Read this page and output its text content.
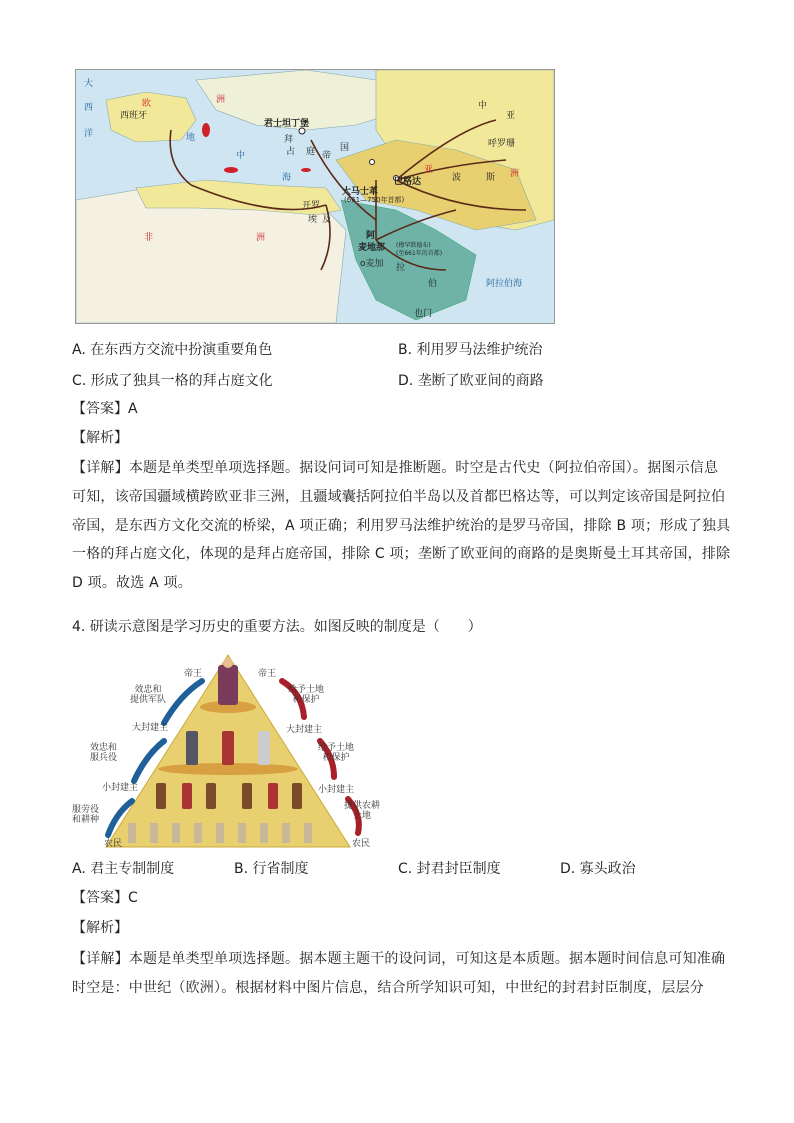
大
西
洋
欧
西班牙
洲
君士坦丁堡
拜
占 庭 帝
国
地
中
海
中
亚
呼罗珊
亚
巴格达
大马士革
(661—750年首都)
波	斯 洲
开罗
埃 及
非	洲	阿
麦地那 (穆罕默德布)
(至661年的首都)
o麦加 拉
伯
也门
阿拉伯海
A. 在东西方交流中扮演重要角色	B. 利用罗马法维护统治
C. 形成了独具一格的拜占庭文化	D. 垄断了欧亚间的商路
【答案】A
【解析】
【详解】本题是单类型单项选择题。据设问词可知是推断题。时空是古代史（阿拉伯帝国）。据图示信息
可知，该帝国疆域横跨欧亚非三洲，且疆域囊括阿拉伯半岛以及首都巴格达等，可以判定该帝国是阿拉伯
帝国，是东西方文化交流的桥梁，A 项正确；利用罗马法维护统治的是罗马帝国，排除 B 项；形成了独具
一格的拜占庭文化，体现的是拜占庭帝国，排除 C 项；垄断了欧亚间的商路的是奥斯曼土耳其帝国，排除
D 项。故选 A 项。
4. 研读示意图是学习历史的重要方法。如图反映的制度是（　　）
帝王	帝王
效忠和
提供军队
大封建主
效忠和
服兵役
小封建主
服劳役
和耕种
农民
给予土地
和保护
大封建主
给予土地
和保护
小封建主
提供农耕
土地
农民
A. 君主专制制度	B. 行省制度	C. 封君封臣制度	D. 寡头政治
【答案】C
【解析】
【详解】本题是单类型单项选择题。据本题主题干的设问词，可知这是本质题。据本题时间信息可知准确
时空是：中世纪（欧洲）。根据材料中图片信息，结合所学知识可知，中世纪的封君封臣制度，层层分
